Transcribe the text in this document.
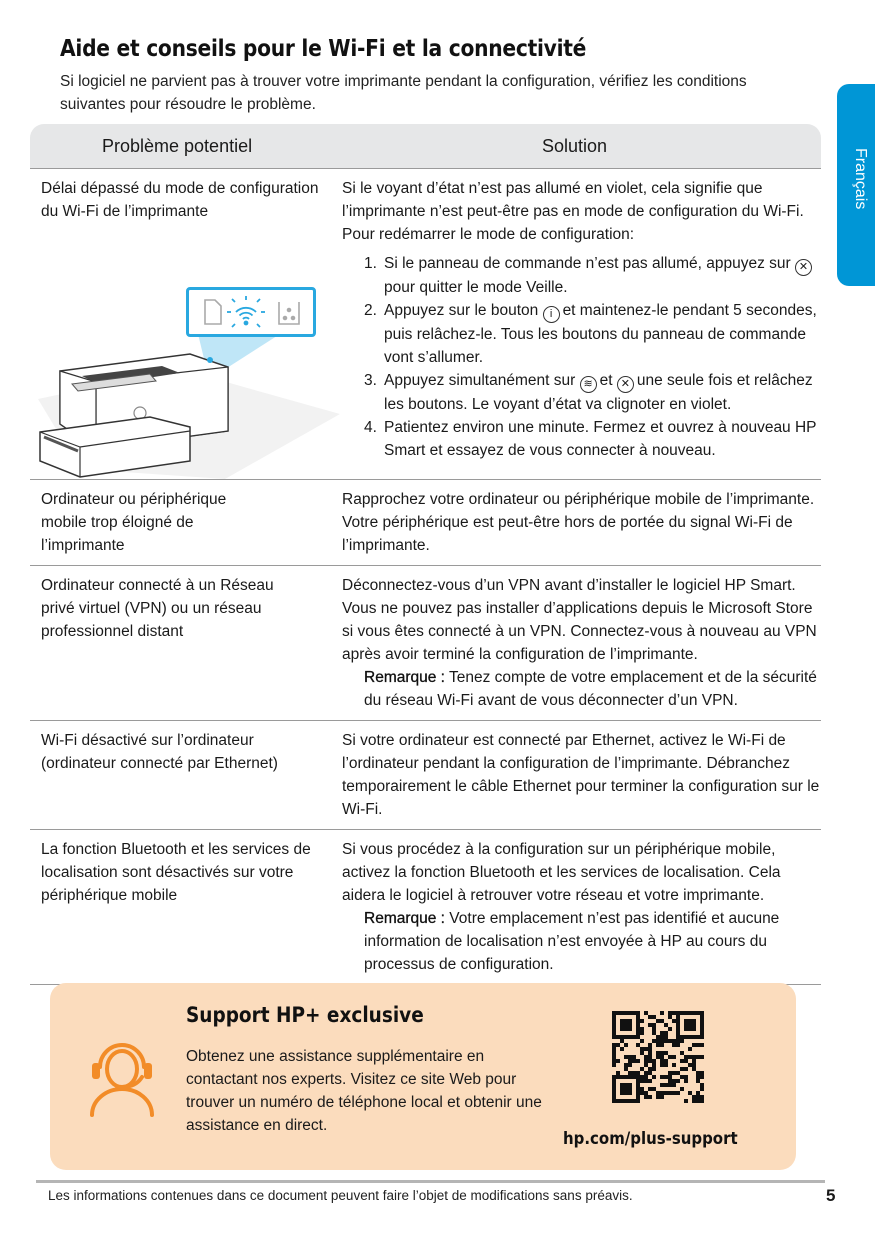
Aide et conseils pour le Wi-Fi et la connectivité
Si logiciel ne parvient pas à trouver votre imprimante pendant la configuration, vérifiez les conditions suivantes pour résoudre le problème.
Français
Problème potentiel	Solution
Délai dépassé du mode de configuration du Wi-Fi de l’imprimante

Si le voyant d’état n’est pas allumé en violet, cela signifie que l’imprimante n’est peut-être pas en mode de configuration du Wi-Fi. Pour redémarrer le mode de configuration:

1. Si le panneau de commande n’est pas allumé, appuyez sur ✕pour quitter le mode Veille.
2. Appuyez sur le bouton i et maintenez-le pendant 5 secondes, puis relâchez-le. Tous les boutons du panneau de commande vont s’allumer.
3. Appuyez simultanément sur ≋ et ✕ une seule fois et relâchez les boutons. Le voyant d’état va clignoter en violet.
4. Patientez environ une minute. Fermez et ouvrez à nouveau HP Smart et essayez de vous connecter à nouveau.
Ordinateur ou périphérique mobile trop éloigné de l’imprimante

Rapprochez votre ordinateur ou périphérique mobile de l’imprimante. Votre périphérique est peut-être hors de portée du signal Wi-Fi de l’imprimante.

Ordinateur connecté à un Réseau privé virtuel (VPN) ou un réseau professionnel distant

Déconnectez-vous d’un VPN avant d’installer le logiciel HP Smart. Vous ne pouvez pas installer d’applications depuis le Microsoft Store si vous êtes connecté à un VPN. Connectez-vous à nouveau au VPN après avoir terminé la configuration de l’imprimante.

Remarque : Tenez compte de votre emplacement et de la sécurité du réseau Wi-Fi avant de vous déconnecter d’un VPN.

Wi-Fi désactivé sur l’ordinateur (ordinateur connecté par Ethernet)

Si votre ordinateur est connecté par Ethernet, activez le Wi-Fi de l’ordinateur pendant la configuration de l’imprimante. Débranchez temporairement le câble Ethernet pour terminer la configuration sur le Wi-Fi.

La fonction Bluetooth et les services de localisation sont désactivés sur votre périphérique mobile

Si vous procédez à la configuration sur un périphérique mobile, activez la fonction Bluetooth et les services de localisation. Cela aidera le logiciel à retrouver votre réseau et votre imprimante.

Remarque : Votre emplacement n’est pas identifié et aucune information de localisation n’est envoyée à HP au cours du processus de configuration.

Support HP+ exclusive
Obtenez une assistance supplémentaire en contactant nos experts. Visitez ce site Web pour trouver un numéro de téléphone local et obtenir une assistance en direct.
hp.com/plus-support
Les informations contenues dans ce document peuvent faire l’objet de modifications sans préavis.	5
